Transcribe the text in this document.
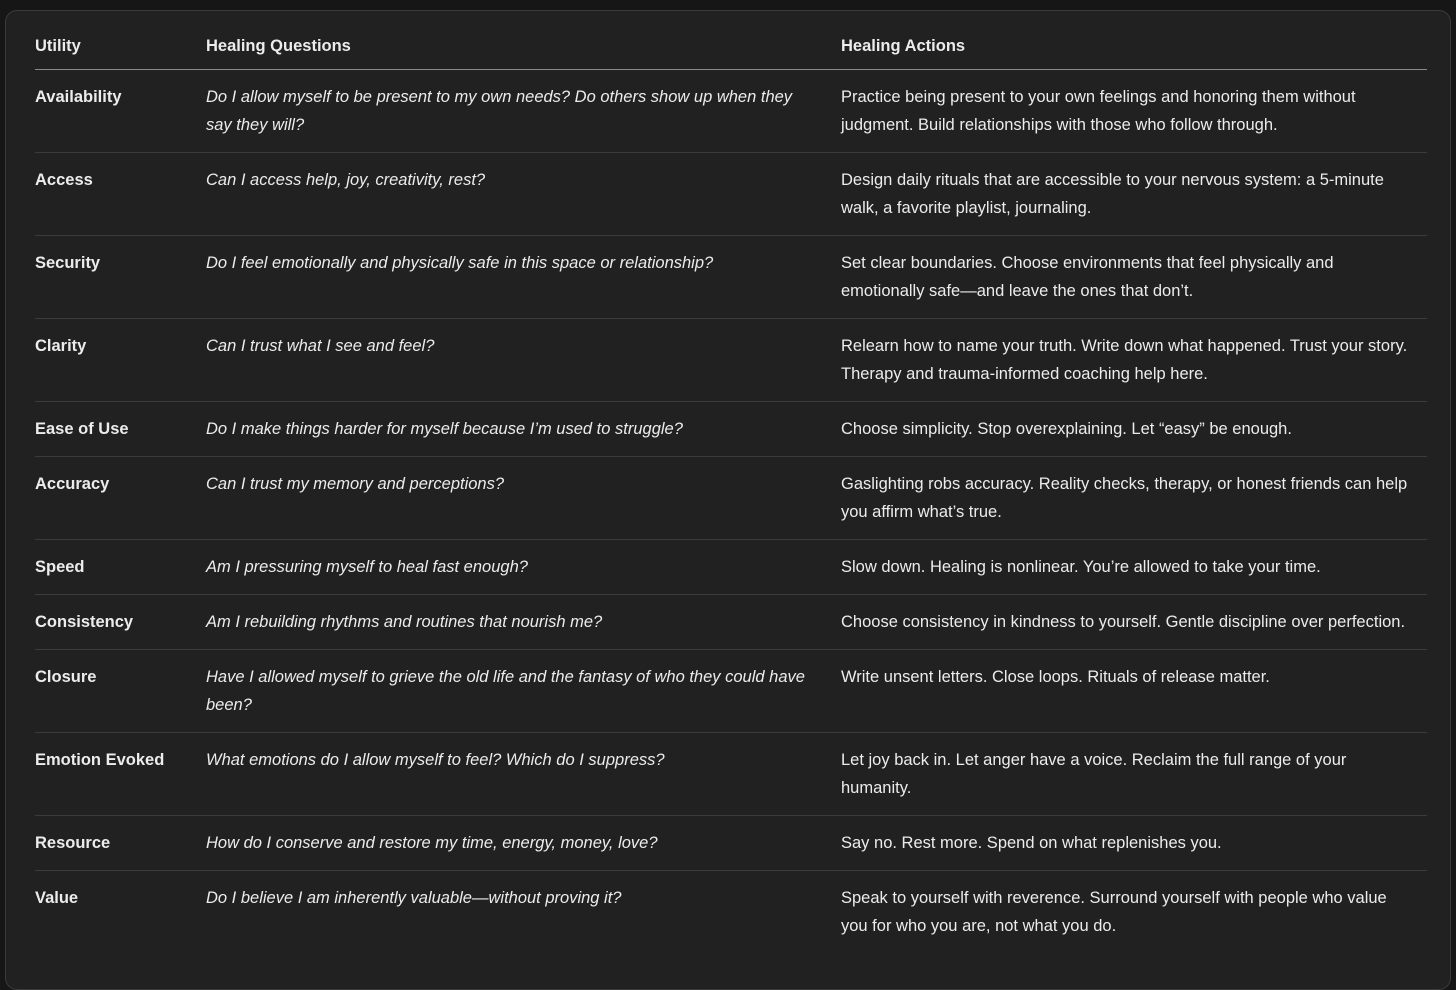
Utility	Healing Questions	Healing Actions
Availability	Do I allow myself to be present to my own needs? Do others show up when they say they will?	Practice being present to your own feelings and honoring them without judgment. Build relationships with those who follow through.
Access	Can I access help, joy, creativity, rest?	Design daily rituals that are accessible to your nervous system: a 5-minute walk, a favorite playlist, journaling.
Security	Do I feel emotionally and physically safe in this space or relationship?	Set clear boundaries. Choose environments that feel physically and emotionally safe—and leave the ones that don’t.
Clarity	Can I trust what I see and feel?	Relearn how to name your truth. Write down what happened. Trust your story. Therapy and trauma-informed coaching help here.
Ease of Use	Do I make things harder for myself because I’m used to struggle?	Choose simplicity. Stop overexplaining. Let “easy” be enough.
Accuracy	Can I trust my memory and perceptions?	Gaslighting robs accuracy. Reality checks, therapy, or honest friends can help you affirm what’s true.
Speed	Am I pressuring myself to heal fast enough?	Slow down. Healing is nonlinear. You’re allowed to take your time.
Consistency	Am I rebuilding rhythms and routines that nourish me?	Choose consistency in kindness to yourself. Gentle discipline over perfection.
Closure	Have I allowed myself to grieve the old life and the fantasy of who they could have been?	Write unsent letters. Close loops. Rituals of release matter.
Emotion Evoked	What emotions do I allow myself to feel? Which do I suppress?	Let joy back in. Let anger have a voice. Reclaim the full range of your humanity.
Resource	How do I conserve and restore my time, energy, money, love?	Say no. Rest more. Spend on what replenishes you.
Value	Do I believe I am inherently valuable—without proving it?	Speak to yourself with reverence. Surround yourself with people who value you for who you are, not what you do.
